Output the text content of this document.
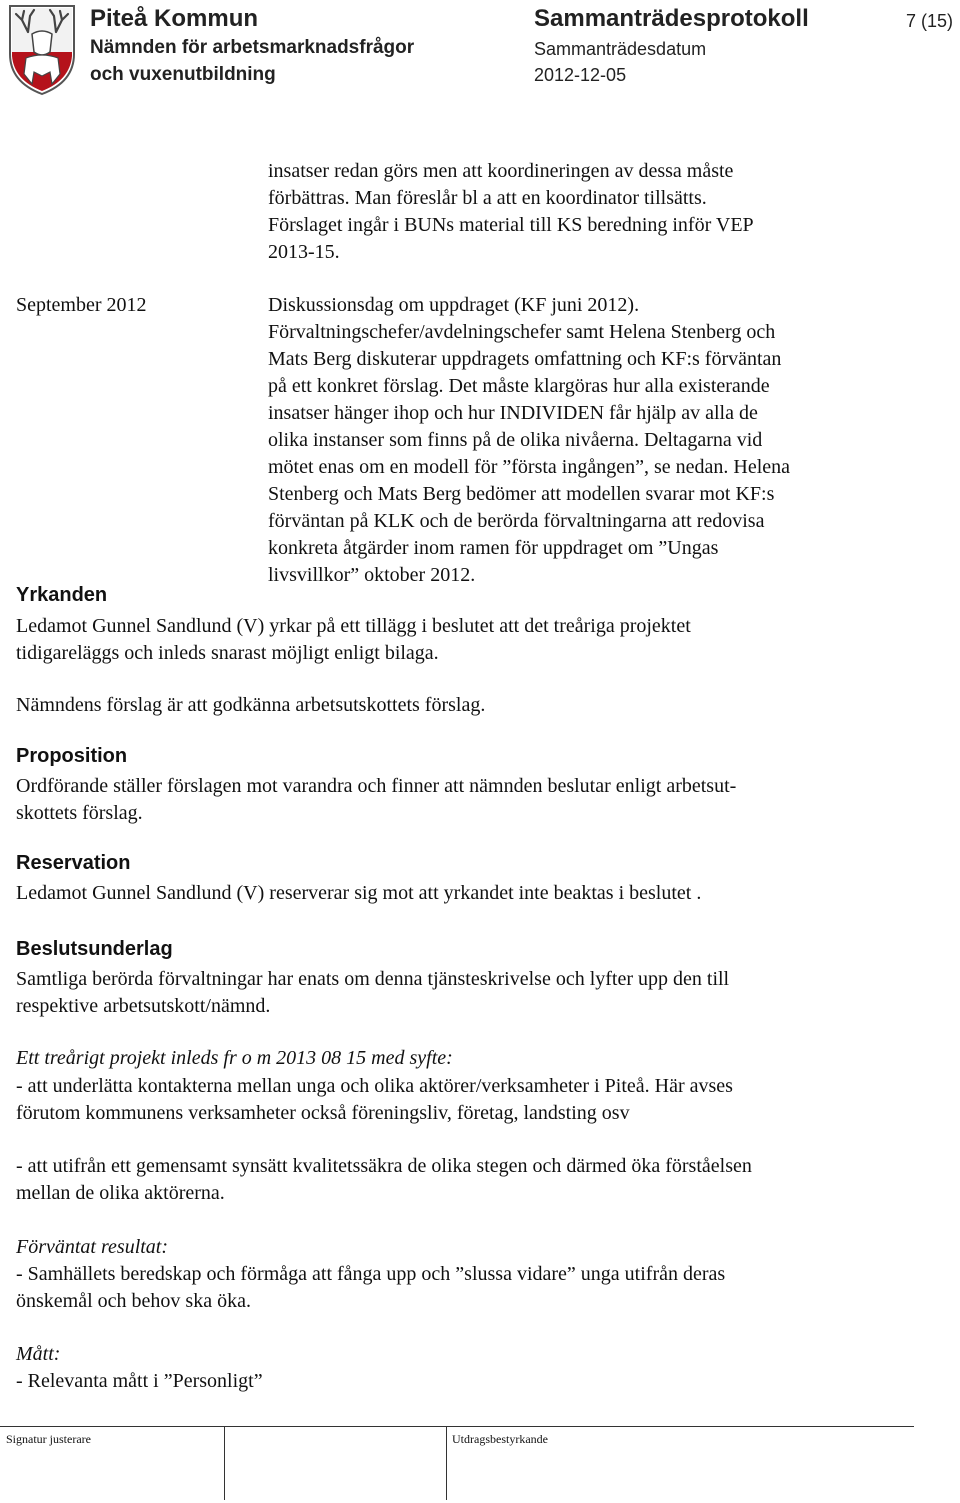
Piteå Kommun
Nämnden för arbetsmarknadsfrågor
och vuxenutbildning
Sammanträdesprotokoll
Sammanträdesdatum
2012-12-05
7 (15)

insatser redan görs men att koordineringen av dessa måste
förbättras. Man föreslår bl a att en koordinator tillsätts.
Förslaget ingår i BUNs material till KS beredning inför VEP
2013-15.

September 2012	Diskussionsdag om uppdraget (KF juni 2012).
Förvaltningschefer/avdelningschefer samt Helena Stenberg och
Mats Berg diskuterar uppdragets omfattning och KF:s förväntan
på ett konkret förslag. Det måste klargöras hur alla existerande
insatser hänger ihop och hur INDIVIDEN får hjälp av alla de
olika instanser som finns på de olika nivåerna. Deltagarna vid
mötet enas om en modell för ”första ingången”, se nedan. Helena
Stenberg och Mats Berg bedömer att modellen svarar mot KF:s
förväntan på KLK och de berörda förvaltningarna att redovisa
konkreta åtgärder inom ramen för uppdraget om ”Ungas
livsvillkor” oktober 2012.

Yrkanden

Ledamot Gunnel Sandlund (V) yrkar på ett tillägg i beslutet att det treåriga projektet
tidigareläggs och inleds snarast möjligt enligt bilaga.

Nämndens förslag är att godkänna arbetsutskottets förslag.

Proposition

Ordförande ställer förslagen mot varandra och finner att nämnden beslutar enligt arbetsut-
skottets förslag.

Reservation

Ledamot Gunnel Sandlund (V) reserverar sig mot att yrkandet inte beaktas i beslutet .

Beslutsunderlag

Samtliga berörda förvaltningar har enats om denna tjänsteskrivelse och lyfter upp den till
respektive arbetsutskott/nämnd.

Ett treårigt projekt inleds fr o m 2013 08 15 med syfte:

- att underlätta kontakterna mellan unga och olika aktörer/verksamheter i Piteå. Här avses
förutom kommunens verksamheter också föreningsliv, företag, landsting osv

- att utifrån ett gemensamt synsätt kvalitetssäkra de olika stegen och därmed öka förståelsen
mellan de olika aktörerna.

Förväntat resultat:

- Samhällets beredskap och förmåga att fånga upp och ”slussa vidare” unga utifrån deras
önskemål och behov ska öka.

Mått:

- Relevanta mått i ”Personligt”

Signatur justerare	Utdragsbestyrkande
